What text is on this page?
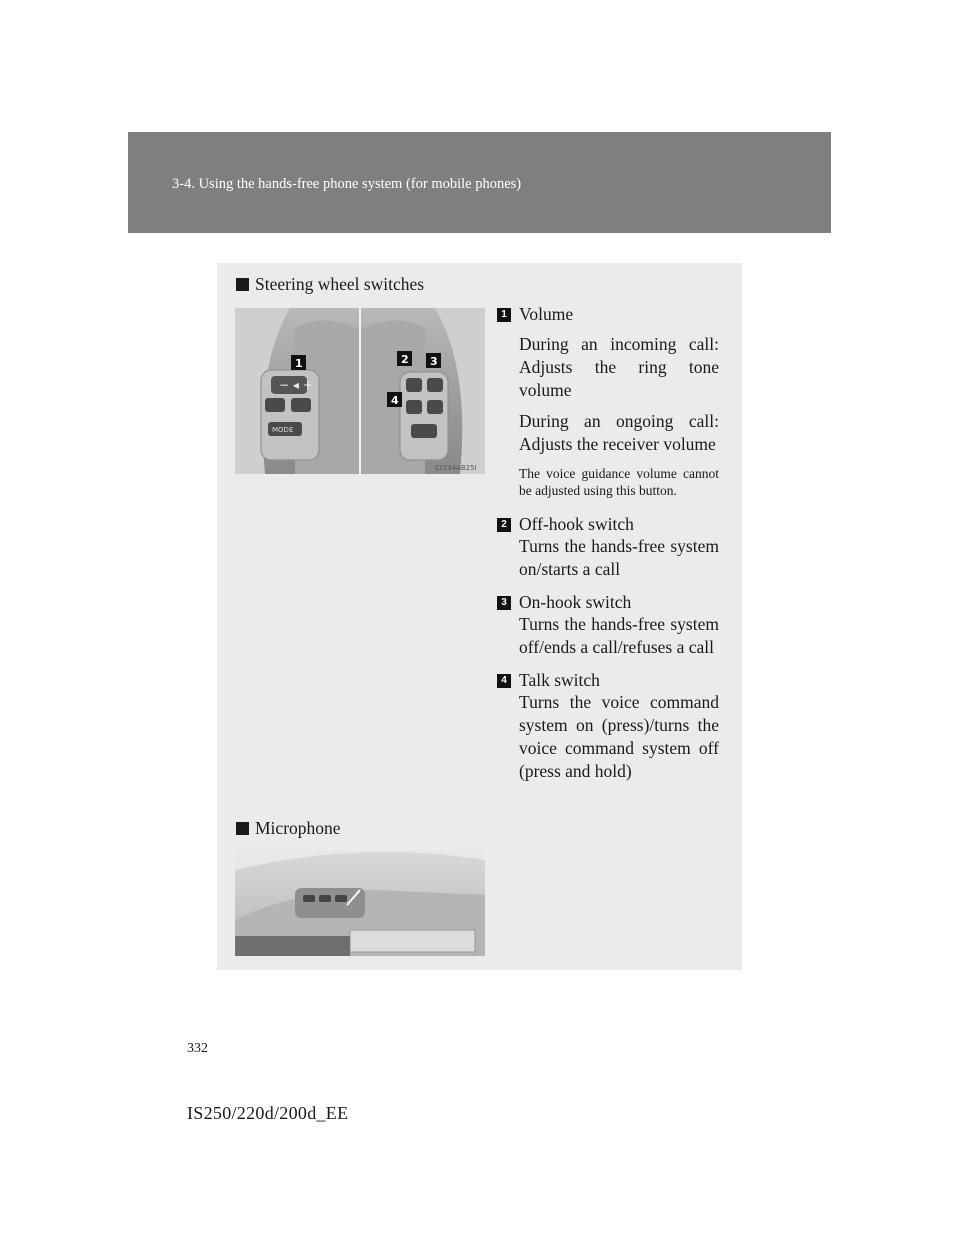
3-4. Using the hands-free phone system (for mobile phones)
Steering wheel switches
− ◂ +
MODE
1	2 3
4
CLY34AB25I
1 Volume
During an incoming call: Adjusts the ring tone volume
During an ongoing call: Adjusts the receiver volume
The voice guidance volume cannot be adjusted using this button.
2 Off-hook switch
Turns the hands-free system on/starts a call
3 On-hook switch
Turns the hands-free system off/ends a call/refuses a call
4 Talk switch
Turns the voice command system on (press)/turns the voice command system off (press and hold)
Microphone
332
IS250/220d/200d_EE
